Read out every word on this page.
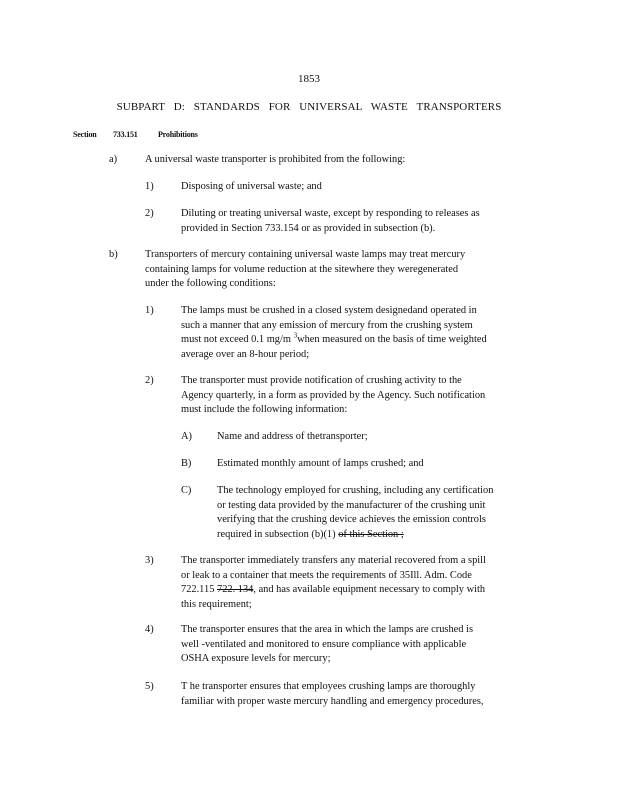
1853
SUBPART D: STANDARDS FOR UNIVERSAL WASTE TRANSPORTERS
Section 733.151	Prohibitions
a)	A universal waste transporter is prohibited from the following:
1)	Disposing of universal waste; and
2)	Diluting or treating universal waste, except by responding to releases as
provided in Section 733.154 or as provided in subsection (b).
b)	Transporters of mercury containing universal waste lamps may treat mercury
containing lamps for volume reduction at the sitewhere they weregenerated
under the following conditions:
1)	The lamps must be crushed in a closed system designedand operated in
such a manner that any emission of mercury from the crushing system
must not exceed 0.1 mg/m $^3$when measured on the basis of time weighted
average over an 8-hour period;
2)	The transporter must provide notification of crushing activity to the
Agency quarterly, in a form as provided by the Agency. Such notification
must include the following information:
A) Name and address of thetransporter;
B) Estimated monthly amount of lamps crushed; and
C) The technology employed for crushing, including any certification
or testing data provided by the manufacturer of the crushing unit
verifying that the crushing device achieves the emission controls
required in subsection (b)(1) of this Section ;
3)	The transporter immediately transfers any material recovered from a spill
or leak to a container that meets the requirements of 35Ill. Adm. Code
722.115 722. 134, and has available equipment necessary to comply with
this requirement;
4)	The transporter ensures that the area in which the lamps are crushed is
well -ventilated and monitored to ensure compliance with applicable
OSHA exposure levels for mercury;
5)	T he transporter ensures that employees crushing lamps are thoroughly
familiar with proper waste mercury handling and emergency procedures,
